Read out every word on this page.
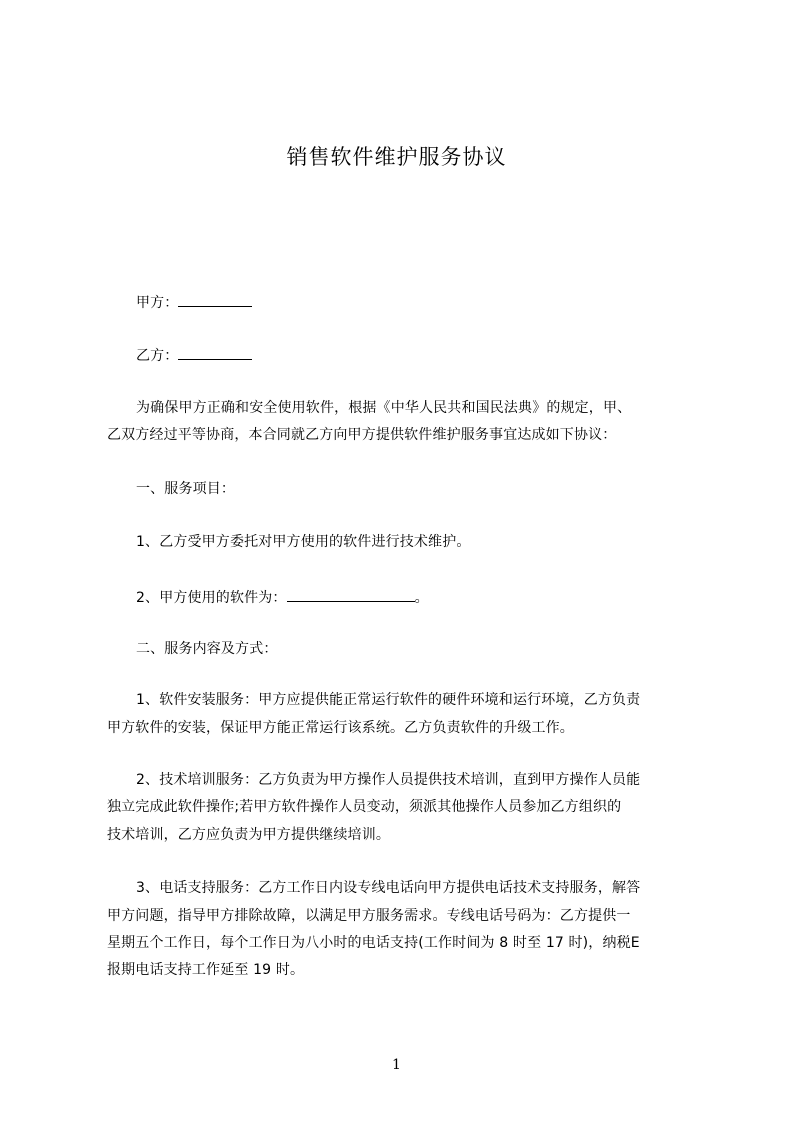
销售软件维护服务协议
甲方：
乙方：
为确保甲方正确和安全使用软件，根据《中华人民共和国民法典》的规定，甲、
乙双方经过平等协商，本合同就乙方向甲方提供软件维护服务事宜达成如下协议：
一、服务项目：
1、乙方受甲方委托对甲方使用的软件进行技术维护。
2、甲方使用的软件为：	。
二、服务内容及方式：
1、软件安装服务：甲方应提供能正常运行软件的硬件环境和运行环境，乙方负责
甲方软件的安装，保证甲方能正常运行该系统。乙方负责软件的升级工作。
2、技术培训服务：乙方负责为甲方操作人员提供技术培训，直到甲方操作人员能
独立完成此软件操作;若甲方软件操作人员变动，须派其他操作人员参加乙方组织的
技术培训，乙方应负责为甲方提供继续培训。
3、电话支持服务：乙方工作日内设专线电话向甲方提供电话技术支持服务，解答
甲方问题，指导甲方排除故障，以满足甲方服务需求。专线电话号码为：乙方提供一
星期五个工作日，每个工作日为八小时的电话支持(工作时间为 8 时至 17 时)，纳税E
报期电话支持工作延至 19 时。
1
